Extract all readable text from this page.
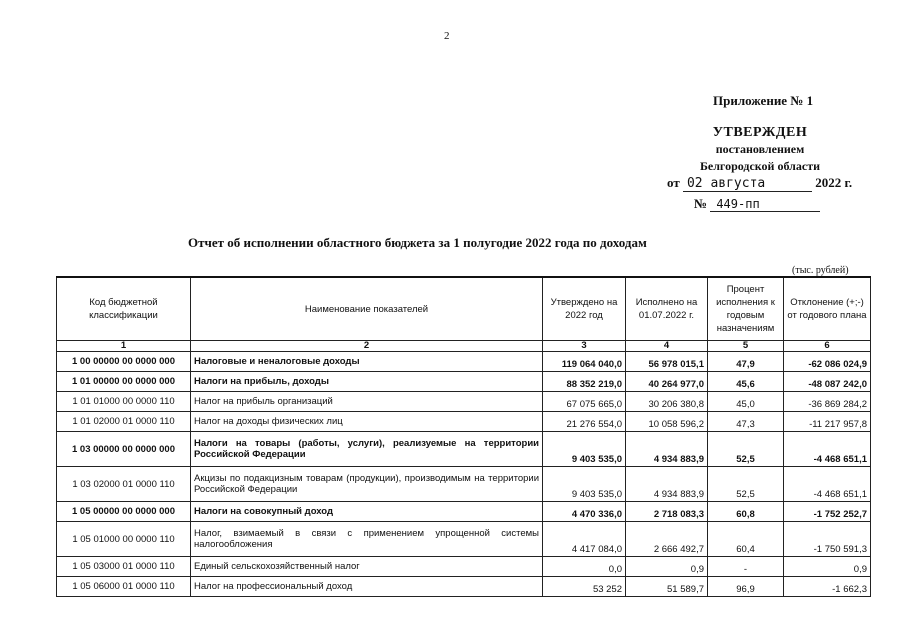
2
Приложение № 1
УТВЕРЖДЕН
постановлением
Белгородской области
от 02 августа	2022 г.
№ 449-пп
Отчет об исполнении областного бюджета за 1 полугодие 2022 года по доходам
(тыс. рублей)
Код бюджетной классификации	Наименование показателей	Утверждено на 2022 год	Исполнено на 01.07.2022 г.	Процент исполнения к годовым назначениям	Отклонение (+;-) от годового плана
1	2	3	4	5	6
1 00 00000 00 0000 000	Налоговые и неналоговые доходы	119 064 040,0	56 978 015,1	47,9	-62 086 024,9
1 01 00000 00 0000 000	Налоги на прибыль, доходы	88 352 219,0	40 264 977,0	45,6	-48 087 242,0
1 01 01000 00 0000 110	Налог на прибыль организаций	67 075 665,0	30 206 380,8	45,0	-36 869 284,2
1 01 02000 01 0000 110	Налог на доходы физических лиц	21 276 554,0	10 058 596,2	47,3	-11 217 957,8
1 03 00000 00 0000 000	Налоги на товары (работы, услуги), реализуемые на территории Российской Федерации	9 403 535,0	4 934 883,9	52,5	-4 468 651,1
1 03 02000 01 0000 110	Акцизы по подакцизным товарам (продукции), производимым на территории Российской Федерации	9 403 535,0	4 934 883,9	52,5	-4 468 651,1
1 05 00000 00 0000 000	Налоги на совокупный доход	4 470 336,0	2 718 083,3	60,8	-1 752 252,7
1 05 01000 00 0000 110	Налог, взимаемый в связи с применением упрощенной системы налогообложения	4 417 084,0	2 666 492,7	60,4	-1 750 591,3
1 05 03000 01 0000 110	Единый сельскохозяйственный налог	0,0	0,9	-	0,9
1 05 06000 01 0000 110	Налог на профессиональный доход	53 252	51 589,7	96,9	-1 662,3
